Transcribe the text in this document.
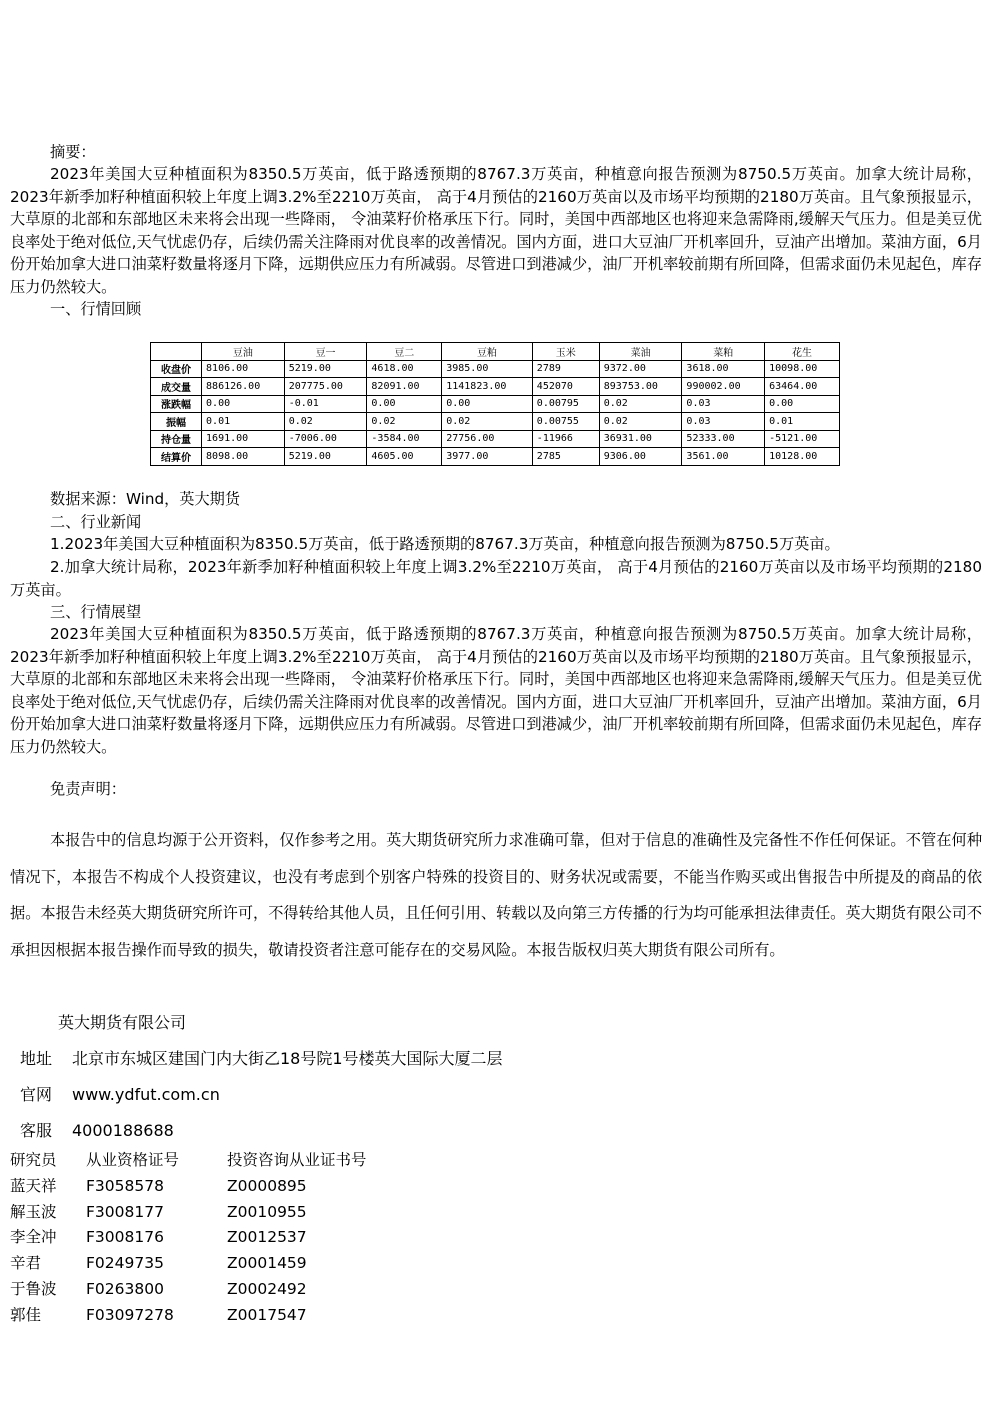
摘要：

2023年美国大豆种植面积为8350.5万英亩，低于路透预期的8767.3万英亩，种植意向报告预测为8750.5万英亩。加拿大统计局称，2023年新季加籽种植面积较上年度上调3.2%至2210万英亩， 高于4月预估的2160万英亩以及市场平均预期的2180万英亩。且气象预报显示，大草原的北部和东部地区未来将会出现一些降雨， 令油菜籽价格承压下行。同时，美国中西部地区也将迎来急需降雨,缓解天气压力。但是美豆优良率处于绝对低位,天气忧虑仍存，后续仍需关注降雨对优良率的改善情况。国内方面，进口大豆油厂开机率回升，豆油产出增加。菜油方面，6月份开始加拿大进口油菜籽数量将逐月下降，远期供应压力有所减弱。尽管进口到港减少，油厂开机率较前期有所回降，但需求面仍未见起色，库存压力仍然较大。

一、行情回顾
	豆油	豆一	豆二	豆粕	玉米	菜油	菜粕	花生
收盘价	8106.00	5219.00	4618.00	3985.00	2789	9372.00	3618.00	10098.00
成交量	886126.00	207775.00	82091.00	1141823.00	452070	893753.00	990002.00	63464.00
涨跌幅	0.00	-0.01	0.00	0.00	0.00795	0.02	0.03	0.00
振幅	0.01	0.02	0.02	0.02	0.00755	0.02	0.03	0.01
持仓量	1691.00	-7006.00	-3584.00	27756.00	-11966	36931.00	52333.00	-5121.00
结算价	8098.00	5219.00	4605.00	3977.00	2785	9306.00	3561.00	10128.00
数据来源：Wind，英大期货
二、行业新闻
1.2023年美国大豆种植面积为8350.5万英亩，低于路透预期的8767.3万英亩，种植意向报告预测为8750.5万英亩。

2.加拿大统计局称，2023年新季加籽种植面积较上年度上调3.2%至2210万英亩， 高于4月预估的2160万英亩以及市场平均预期的2180万英亩。

三、行情展望

2023年美国大豆种植面积为8350.5万英亩，低于路透预期的8767.3万英亩，种植意向报告预测为8750.5万英亩。加拿大统计局称，2023年新季加籽种植面积较上年度上调3.2%至2210万英亩， 高于4月预估的2160万英亩以及市场平均预期的2180万英亩。且气象预报显示，大草原的北部和东部地区未来将会出现一些降雨， 令油菜籽价格承压下行。同时，美国中西部地区也将迎来急需降雨,缓解天气压力。但是美豆优良率处于绝对低位,天气忧虑仍存，后续仍需关注降雨对优良率的改善情况。国内方面，进口大豆油厂开机率回升，豆油产出增加。菜油方面，6月份开始加拿大进口油菜籽数量将逐月下降，远期供应压力有所减弱。尽管进口到港减少，油厂开机率较前期有所回降，但需求面仍未见起色，库存压力仍然较大。

免责声明：

本报告中的信息均源于公开资料，仅作参考之用。英大期货研究所力求准确可靠，但对于信息的准确性及完备性不作任何保证。不管在何种情况下，本报告不构成个人投资建议，也没有考虑到个别客户特殊的投资目的、财务状况或需要，不能当作购买或出售报告中所提及的商品的依据。本报告未经英大期货研究所许可，不得转给其他人员，且任何引用、转载以及向第三方传播的行为均可能承担法律责任。英大期货有限公司不承担因根据本报告操作而导致的损失，敬请投资者注意可能存在的交易风险。本报告版权归英大期货有限公司所有。

英大期货有限公司
地址 北京市东城区建国门内大街乙18号院1号楼英大国际大厦二层
官网 www.ydfut.com.cn
客服 4000188688
研究员 从业资格证号	投资咨询从业证书号
蓝天祥 F3058578	Z0000895
解玉波 F3008177	Z0010955
李全冲 F3008176	Z0012537
辛君	F0249735	Z0001459
于鲁波 F0263800	Z0002492
郭佳	F03097278	Z0017547
